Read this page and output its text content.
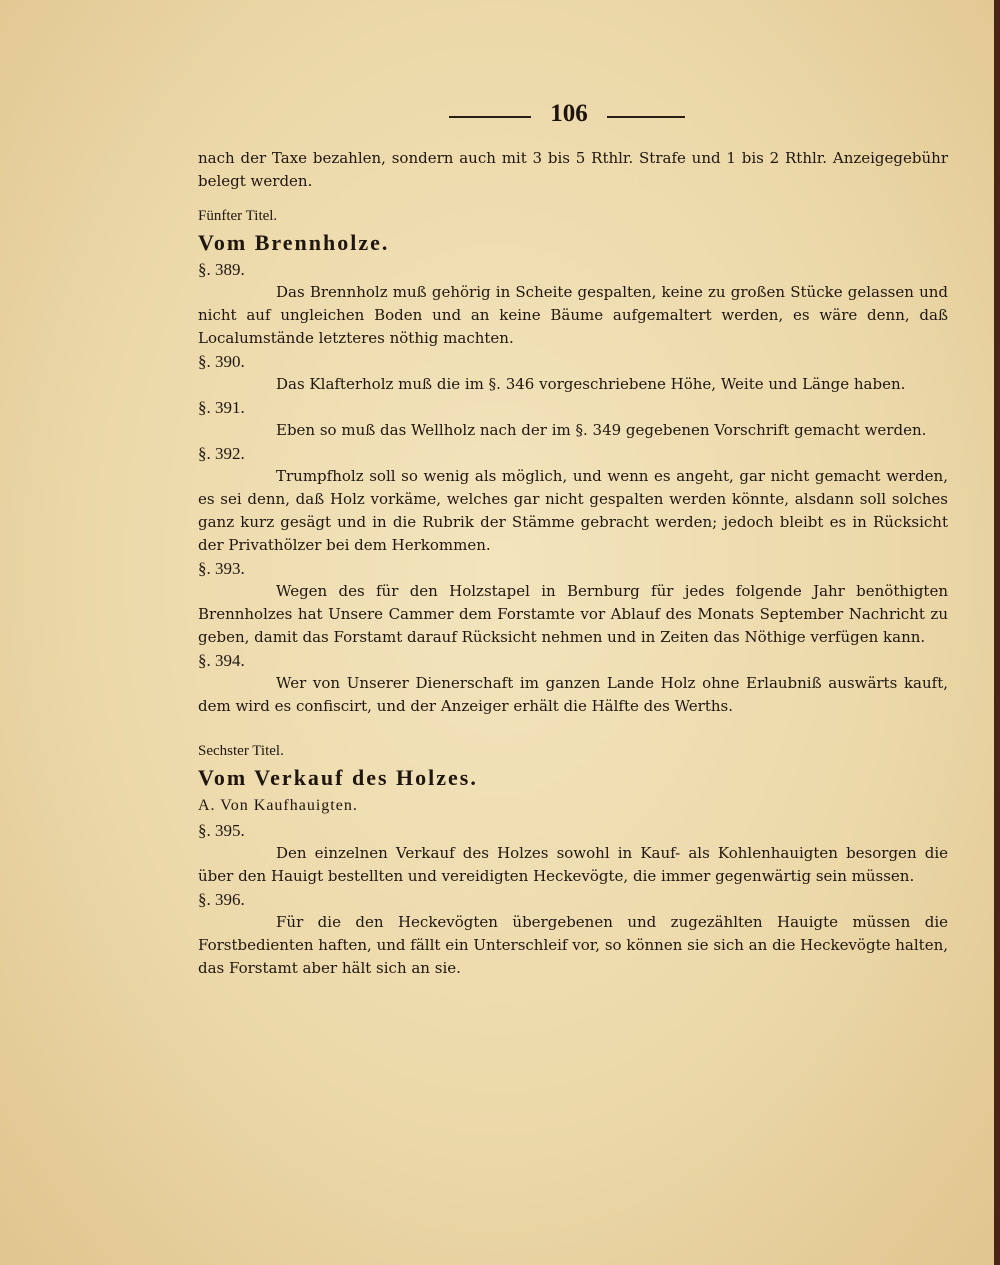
106

nach der Taxe bezahlen, sondern auch mit 3 bis 5 Rthlr. Strafe und 1 bis 2 Rthlr. Anzeigegebühr belegt werden.

Fünfter Titel.

Vom Brennholze.

§. 389.

Das Brennholz muß gehörig in Scheite gespalten, keine zu großen Stücke gelassen und nicht auf ungleichen Boden und an keine Bäume aufgemaltert werden, es wäre denn, daß Localumstände letzteres nöthig machten.

§. 390.

Das Klafterholz muß die im §. 346 vorgeschriebene Höhe, Weite und Länge haben.

§. 391.

Eben so muß das Wellholz nach der im §. 349 gegebenen Vorschrift gemacht werden.

§. 392.

Trumpfholz soll so wenig als möglich, und wenn es angeht, gar nicht gemacht werden, es sei denn, daß Holz vorkäme, welches gar nicht gespalten werden könnte, alsdann soll solches ganz kurz gesägt und in die Rubrik der Stämme gebracht werden; jedoch bleibt es in Rücksicht der Privathölzer bei dem Herkommen.

§. 393.

Wegen des für den Holzstapel in Bernburg für jedes folgende Jahr benöthigten Brennholzes hat Unsere Cammer dem Forstamte vor Ablauf des Monats September Nachricht zu geben, damit das Forstamt darauf Rücksicht nehmen und in Zeiten das Nöthige verfügen kann.

§. 394.

Wer von Unserer Dienerschaft im ganzen Lande Holz ohne Erlaubniß auswärts kauft, dem wird es confiscirt, und der Anzeiger erhält die Hälfte des Werths.

Sechster Titel.

Vom Verkauf des Holzes.

A. Von Kaufhauigten.

§. 395.

Den einzelnen Verkauf des Holzes sowohl in Kauf- als Kohlenhauigten besorgen die über den Hauigt bestellten und vereidigten Heckevögte, die immer gegenwärtig sein müssen.

§. 396.

Für die den Heckevögten übergebenen und zugezählten Hauigte müssen die Forstbedienten haften, und fällt ein Unterschleif vor, so können sie sich an die Heckevögte halten, das Forstamt aber hält sich an sie.
